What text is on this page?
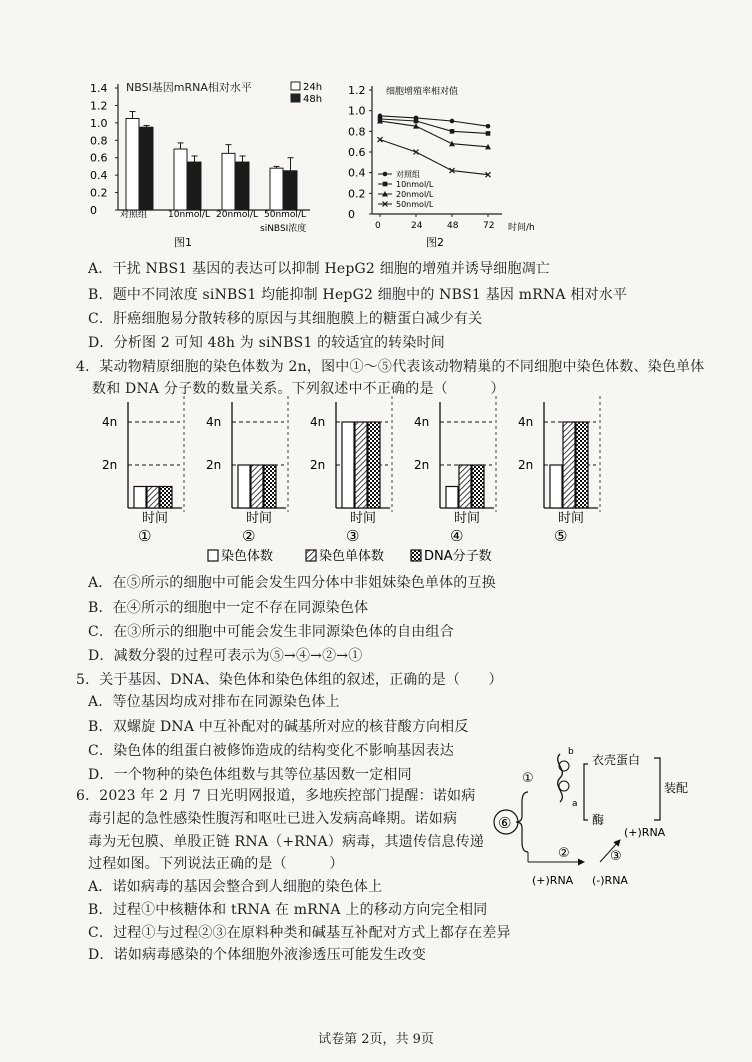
1.4
1.2
1.0
0.8
0.6
0.4
0.2
0
NBSI基因mRNA相对水平	24h
48h
对照组 10nmol/L 20nmol/L 50nmol/L
siNBSI浓度
图1
1.2
1.0
0.8
0.6
0.4
0.2
0
0	24	48	72
细胞增殖率相对值
对照组
10nmol/L
20nmol/L
50nmol/L
时间/h
图2
A．干扰 NBS1 基因的表达可以抑制 HepG2 细胞的增殖并诱导细胞凋亡
B．题中不同浓度 siNBS1 均能抑制 HepG2 细胞中的 NBS1 基因 mRNA 相对水平
C．肝癌细胞易分散转移的原因与其细胞膜上的糖蛋白减少有关
D．分析图 2 可知 48h 为 siNBS1 的较适宜的转染时间
4．某动物精原细胞的染色体数为 2n，图中①～⑤代表该动物精巢的不同细胞中染色体数、染色单体
数和 DNA 分子数的数量关系。下列叙述中不正确的是（　　　）
4n
2n
时间
①
4n
2n
时间
②
4n
2n
时间
③
4n
2n
时间
④
4n
2n
时间
⑤
染色体数	染色单体数	DNA分子数
A．在⑤所示的细胞中可能会发生四分体中非姐妹染色单体的互换
B．在④所示的细胞中一定不存在同源染色体
C．在③所示的细胞中可能会发生非同源染色体的自由组合
D．减数分裂的过程可表示为⑤→④→②→①
5．关于基因、DNA、染色体和染色体组的叙述，正确的是（　　）
A．等位基因均成对排布在同源染色体上
B．双螺旋 DNA 中互补配对的碱基所对应的核苷酸方向相反
C．染色体的组蛋白被修饰造成的结构变化不影响基因表达
D．一个物种的染色体组数与其等位基因数一定相同
6．2023 年 2 月 7 日光明网报道，多地疾控部门提醒：诺如病
毒引起的急性感染性腹泻和呕吐已进入发病高峰期。诺如病
毒为无包膜、单股正链 RNA（+RNA）病毒，其遗传信息传递
过程如图。下列说法正确的是（　　　）
A．诺如病毒的基因会整合到人细胞的染色体上
B．过程①中核糖体和 tRNA 在 mRNA 上的移动方向完全相同
C．过程①与过程②③在原料种类和碱基互补配对方式上都存在差异
D．诺如病毒感染的个体细胞外液渗透压可能发生改变
⑥
①
b
a
衣壳蛋白
酶
装配
(+)RNA
②	③
(+)RNA (-)RNA
试卷第 2页，共 9页
